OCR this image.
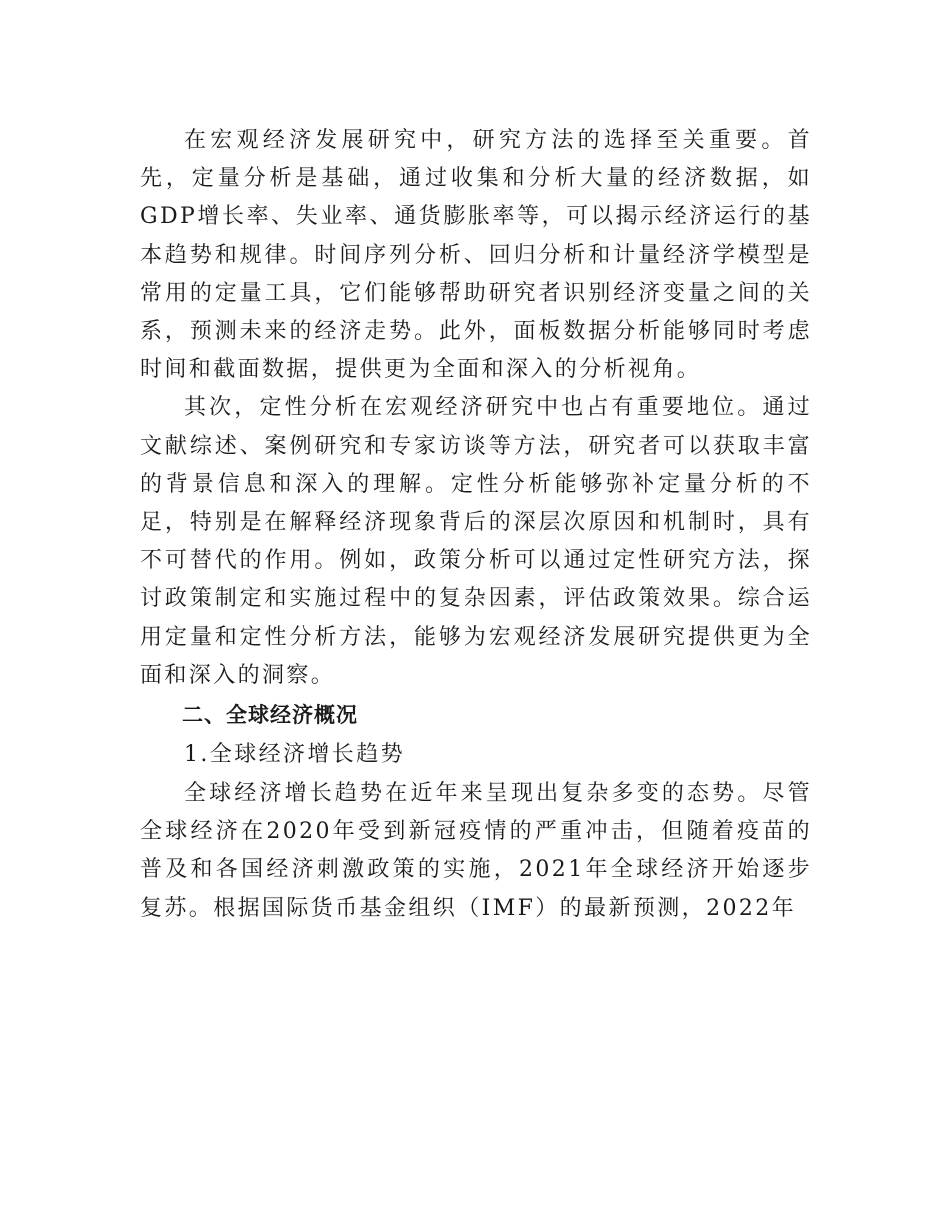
在宏观经济发展研究中，研究方法的选择至关重要。首先，定量分析是基础，通过收集和分析大量的经济数据，如GDP增长率、失业率、通货膨胀率等，可以揭示经济运行的基本趋势和规律。时间序列分析、回归分析和计量经济学模型是常用的定量工具，它们能够帮助研究者识别经济变量之间的关系，预测未来的经济走势。此外，面板数据分析能够同时考虑时间和截面数据，提供更为全面和深入的分析视角。

其次，定性分析在宏观经济研究中也占有重要地位。通过文献综述、案例研究和专家访谈等方法，研究者可以获取丰富的背景信息和深入的理解。定性分析能够弥补定量分析的不足，特别是在解释经济现象背后的深层次原因和机制时，具有不可替代的作用。例如，政策分析可以通过定性研究方法，探讨政策制定和实施过程中的复杂因素，评估政策效果。综合运用定量和定性分析方法，能够为宏观经济发展研究提供更为全面和深入的洞察。

二、全球经济概况

1.全球经济增长趋势

全球经济增长趋势在近年来呈现出复杂多变的态势。尽管全球经济在2020年受到新冠疫情的严重冲击，但随着疫苗的普及和各国经济刺激政策的实施，2021年全球经济开始逐步复苏。根据国际货币基金组织（IMF）的最新预测，2022年
